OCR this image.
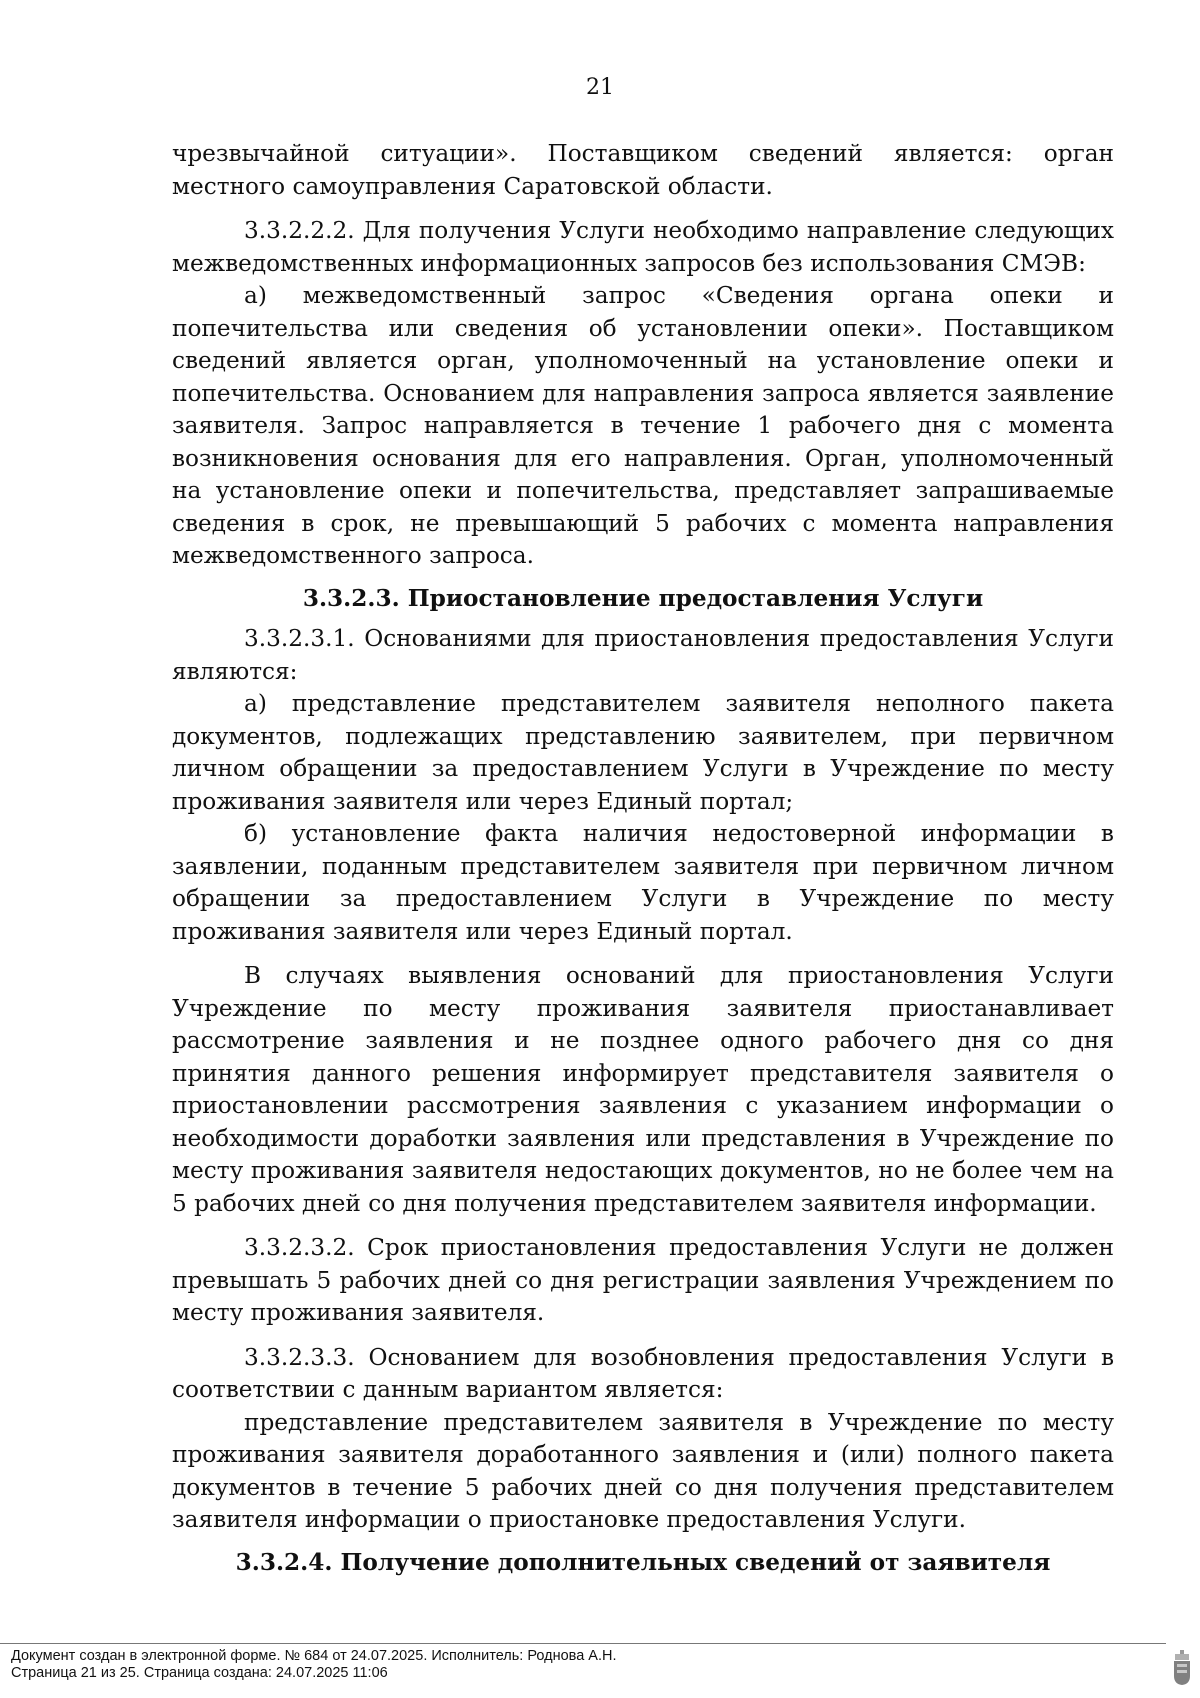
21

чрезвычайной ситуации». Поставщиком сведений является: орган местного самоуправления Саратовской области.

3.3.2.2.2. Для получения Услуги необходимо направление следующих межведомственных информационных запросов без использования СМЭВ:

а) межведомственный запрос «Сведения органа опеки и попечительства или сведения об установлении опеки». Поставщиком сведений является орган, уполномоченный на установление опеки и попечительства. Основанием для направления запроса является заявление заявителя. Запрос направляется в течение 1 рабочего дня с момента возникновения основания для его направления. Орган, уполномоченный на установление опеки и попечительства, представляет запрашиваемые сведения в срок, не превышающий 5 рабочих с момента направления межведомственного запроса.

3.3.2.3. Приостановление предоставления Услуги

3.3.2.3.1. Основаниями для приостановления предоставления Услуги являются:

а) представление представителем заявителя неполного пакета документов, подлежащих представлению заявителем, при первичном личном обращении за предоставлением Услуги в Учреждение по месту проживания заявителя или через Единый портал;

б) установление факта наличия недостоверной информации в заявлении, поданным представителем заявителя при первичном личном обращении за предоставлением Услуги в Учреждение по месту проживания заявителя или через Единый портал.

В случаях выявления оснований для приостановления Услуги Учреждение по месту проживания заявителя приостанавливает рассмотрение заявления и не позднее одного рабочего дня со дня принятия данного решения информирует представителя заявителя о приостановлении рассмотрения заявления с указанием информации о необходимости доработки заявления или представления в Учреждение по месту проживания заявителя недостающих документов, но не более чем на 5 рабочих дней со дня получения представителем заявителя информации.

3.3.2.3.2. Срок приостановления предоставления Услуги не должен превышать 5 рабочих дней со дня регистрации заявления Учреждением по месту проживания заявителя.

3.3.2.3.3. Основанием для возобновления предоставления Услуги в соответствии с данным вариантом является:

представление представителем заявителя в Учреждение по месту проживания заявителя доработанного заявления и (или) полного пакета документов в течение 5 рабочих дней со дня получения представителем заявителя информации о приостановке предоставления Услуги.

3.3.2.4. Получение дополнительных сведений от заявителя
Документ создан в электронной форме. № 684 от 24.07.2025. Исполнитель: Роднова А.Н.
Страница 21 из 25. Страница создана: 24.07.2025 11:06
